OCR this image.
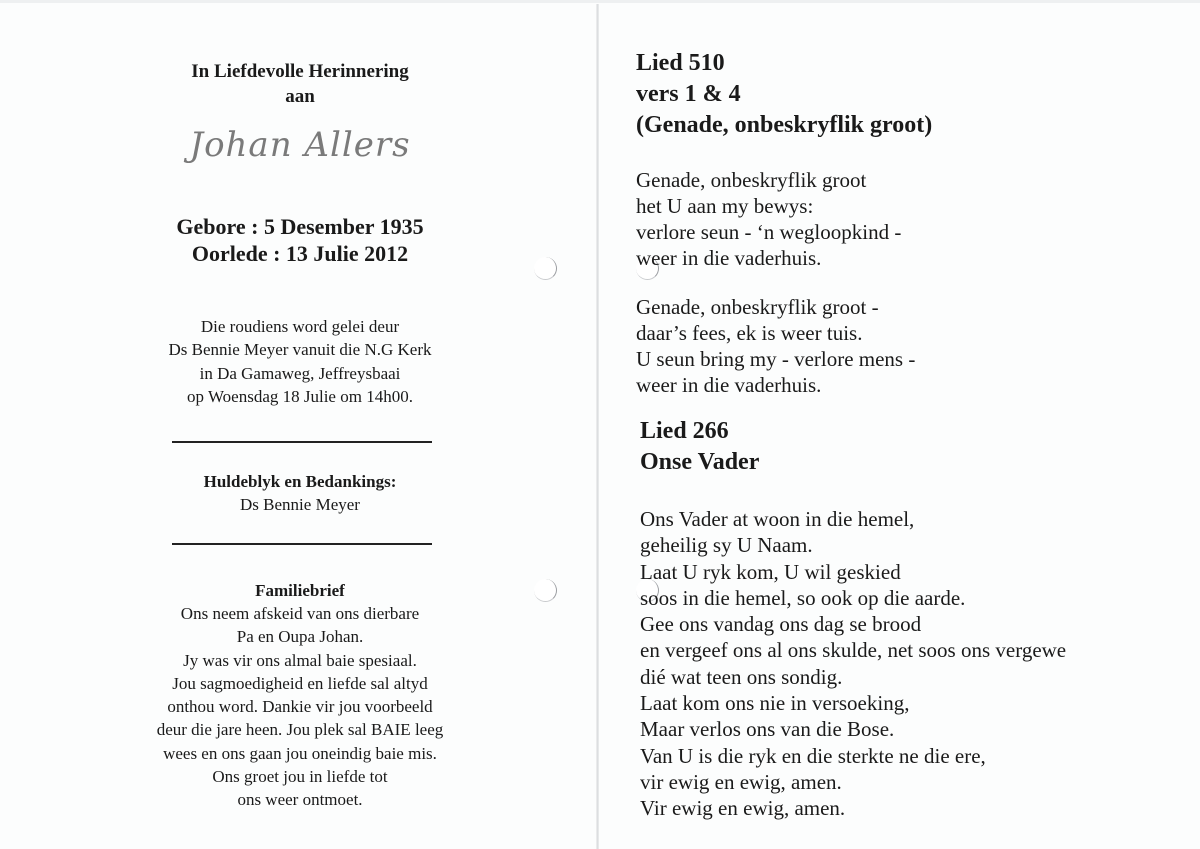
In Liefdevolle Herinnering
aan
Johan Allers
Gebore : 5 Desember 1935
Oorlede : 13 Julie 2012
Die roudiens word gelei deur
Ds Bennie Meyer vanuit die N.G Kerk
in Da Gamaweg, Jeffreysbaai
op Woensdag 18 Julie om 14h00.
Huldeblyk en Bedankings:
Ds Bennie Meyer
Familiebrief
Ons neem afskeid van ons dierbare
Pa en Oupa Johan.
Jy was vir ons almal baie spesiaal.
Jou sagmoedigheid en liefde sal altyd
onthou word. Dankie vir jou voorbeeld
deur die jare heen. Jou plek sal BAIE leeg
wees en ons gaan jou oneindig baie mis.
Ons groet jou in liefde tot
ons weer ontmoet.
Lied 510
vers 1 & 4
(Genade, onbeskryflik groot)
Genade, onbeskryflik groot
het U aan my bewys:
verlore seun - ‘n wegloopkind -
weer in die vaderhuis.
Genade, onbeskryflik groot -
daar’s fees, ek is weer tuis.
U seun bring my - verlore mens -
weer in die vaderhuis.
Lied 266
Onse Vader
Ons Vader at woon in die hemel,
geheilig sy U Naam.
Laat U ryk kom, U wil geskied
soos in die hemel, so ook op die aarde.
Gee ons vandag ons dag se brood
en vergeef ons al ons skulde, net soos ons vergewe
dié wat teen ons sondig.
Laat kom ons nie in versoeking,
Maar verlos ons van die Bose.
Van U is die ryk en die sterkte ne die ere,
vir ewig en ewig, amen.
Vir ewig en ewig, amen.
